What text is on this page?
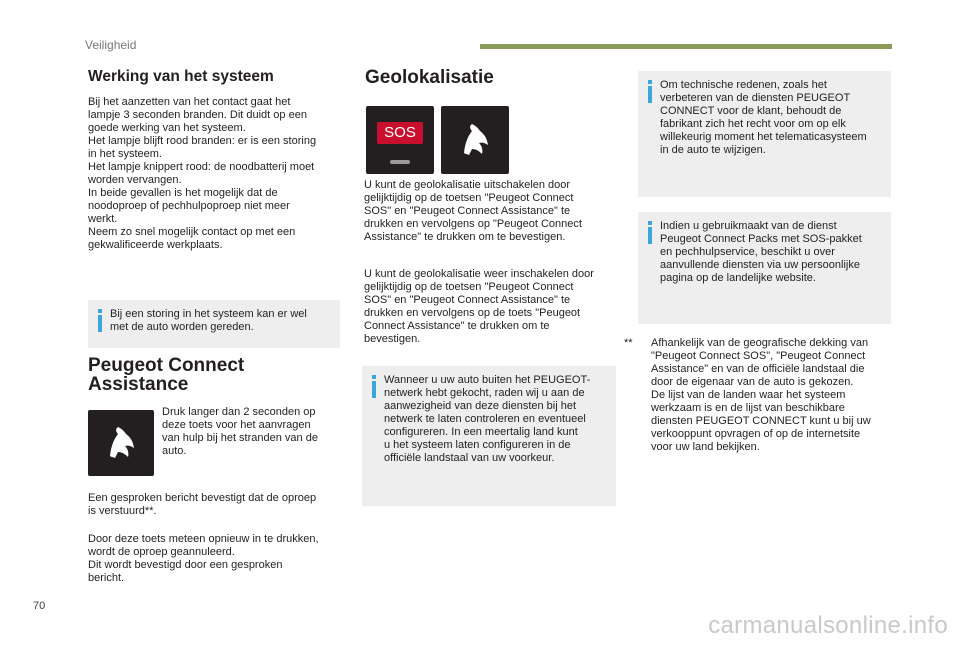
Veiligheid
Werking van het systeem

Bij het aanzetten van het contact gaat het
lampje 3 seconden branden. Dit duidt op een
goede werking van het systeem.
Het lampje blijft rood branden: er is een storing
in het systeem.
Het lampje knippert rood: de noodbatterij moet
worden vervangen.
In beide gevallen is het mogelijk dat de
noodoproep of pechhulpoproep niet meer
werkt.
Neem zo snel mogelijk contact op met een
gekwalificeerde werkplaats.

Bij een storing in het systeem kan er wel
met de auto worden gereden.

Peugeot Connect
Assistance

Druk langer dan 2 seconden op
deze toets voor het aanvragen
van hulp bij het stranden van de
auto.

Een gesproken bericht bevestigt dat de oproep
is verstuurd**.

Door deze toets meteen opnieuw in te drukken,
wordt de oproep geannuleerd.
Dit wordt bevestigd door een gesproken
bericht.

Geolokalisatie
SOS

U kunt de geolokalisatie uitschakelen door
gelijktijdig op de toetsen "Peugeot Connect
SOS" en "Peugeot Connect Assistance" te
drukken en vervolgens op "Peugeot Connect
Assistance" te drukken om te bevestigen.

U kunt de geolokalisatie weer inschakelen door
gelijktijdig op de toetsen "Peugeot Connect
SOS" en "Peugeot Connect Assistance" te
drukken en vervolgens op de toets "Peugeot
Connect Assistance" te drukken om te
bevestigen.

Wanneer u uw auto buiten het PEUGEOT-
netwerk hebt gekocht, raden wij u aan de
aanwezigheid van deze diensten bij het
netwerk te laten controleren en eventueel
configureren. In een meertalig land kunt
u het systeem laten configureren in de
officiële landstaal van uw voorkeur.

Om technische redenen, zoals het
verbeteren van de diensten PEUGEOT
CONNECT voor de klant, behoudt de
fabrikant zich het recht voor om op elk
willekeurig moment het telematicasysteem
in de auto te wijzigen.

Indien u gebruikmaakt van de dienst
Peugeot Connect Packs met SOS-pakket
en pechhulpservice, beschikt u over
aanvullende diensten via uw persoonlijke
pagina op de landelijke website.

** Afhankelijk van de geografische dekking van
"Peugeot Connect SOS", "Peugeot Connect
Assistance" en van de officiële landstaal die
door de eigenaar van de auto is gekozen.
De lijst van de landen waar het systeem
werkzaam is en de lijst van beschikbare
diensten PEUGEOT CONNECT kunt u bij uw
verkooppunt opvragen of op de internetsite
voor uw land bekijken.

70
carmanualsonline.info
